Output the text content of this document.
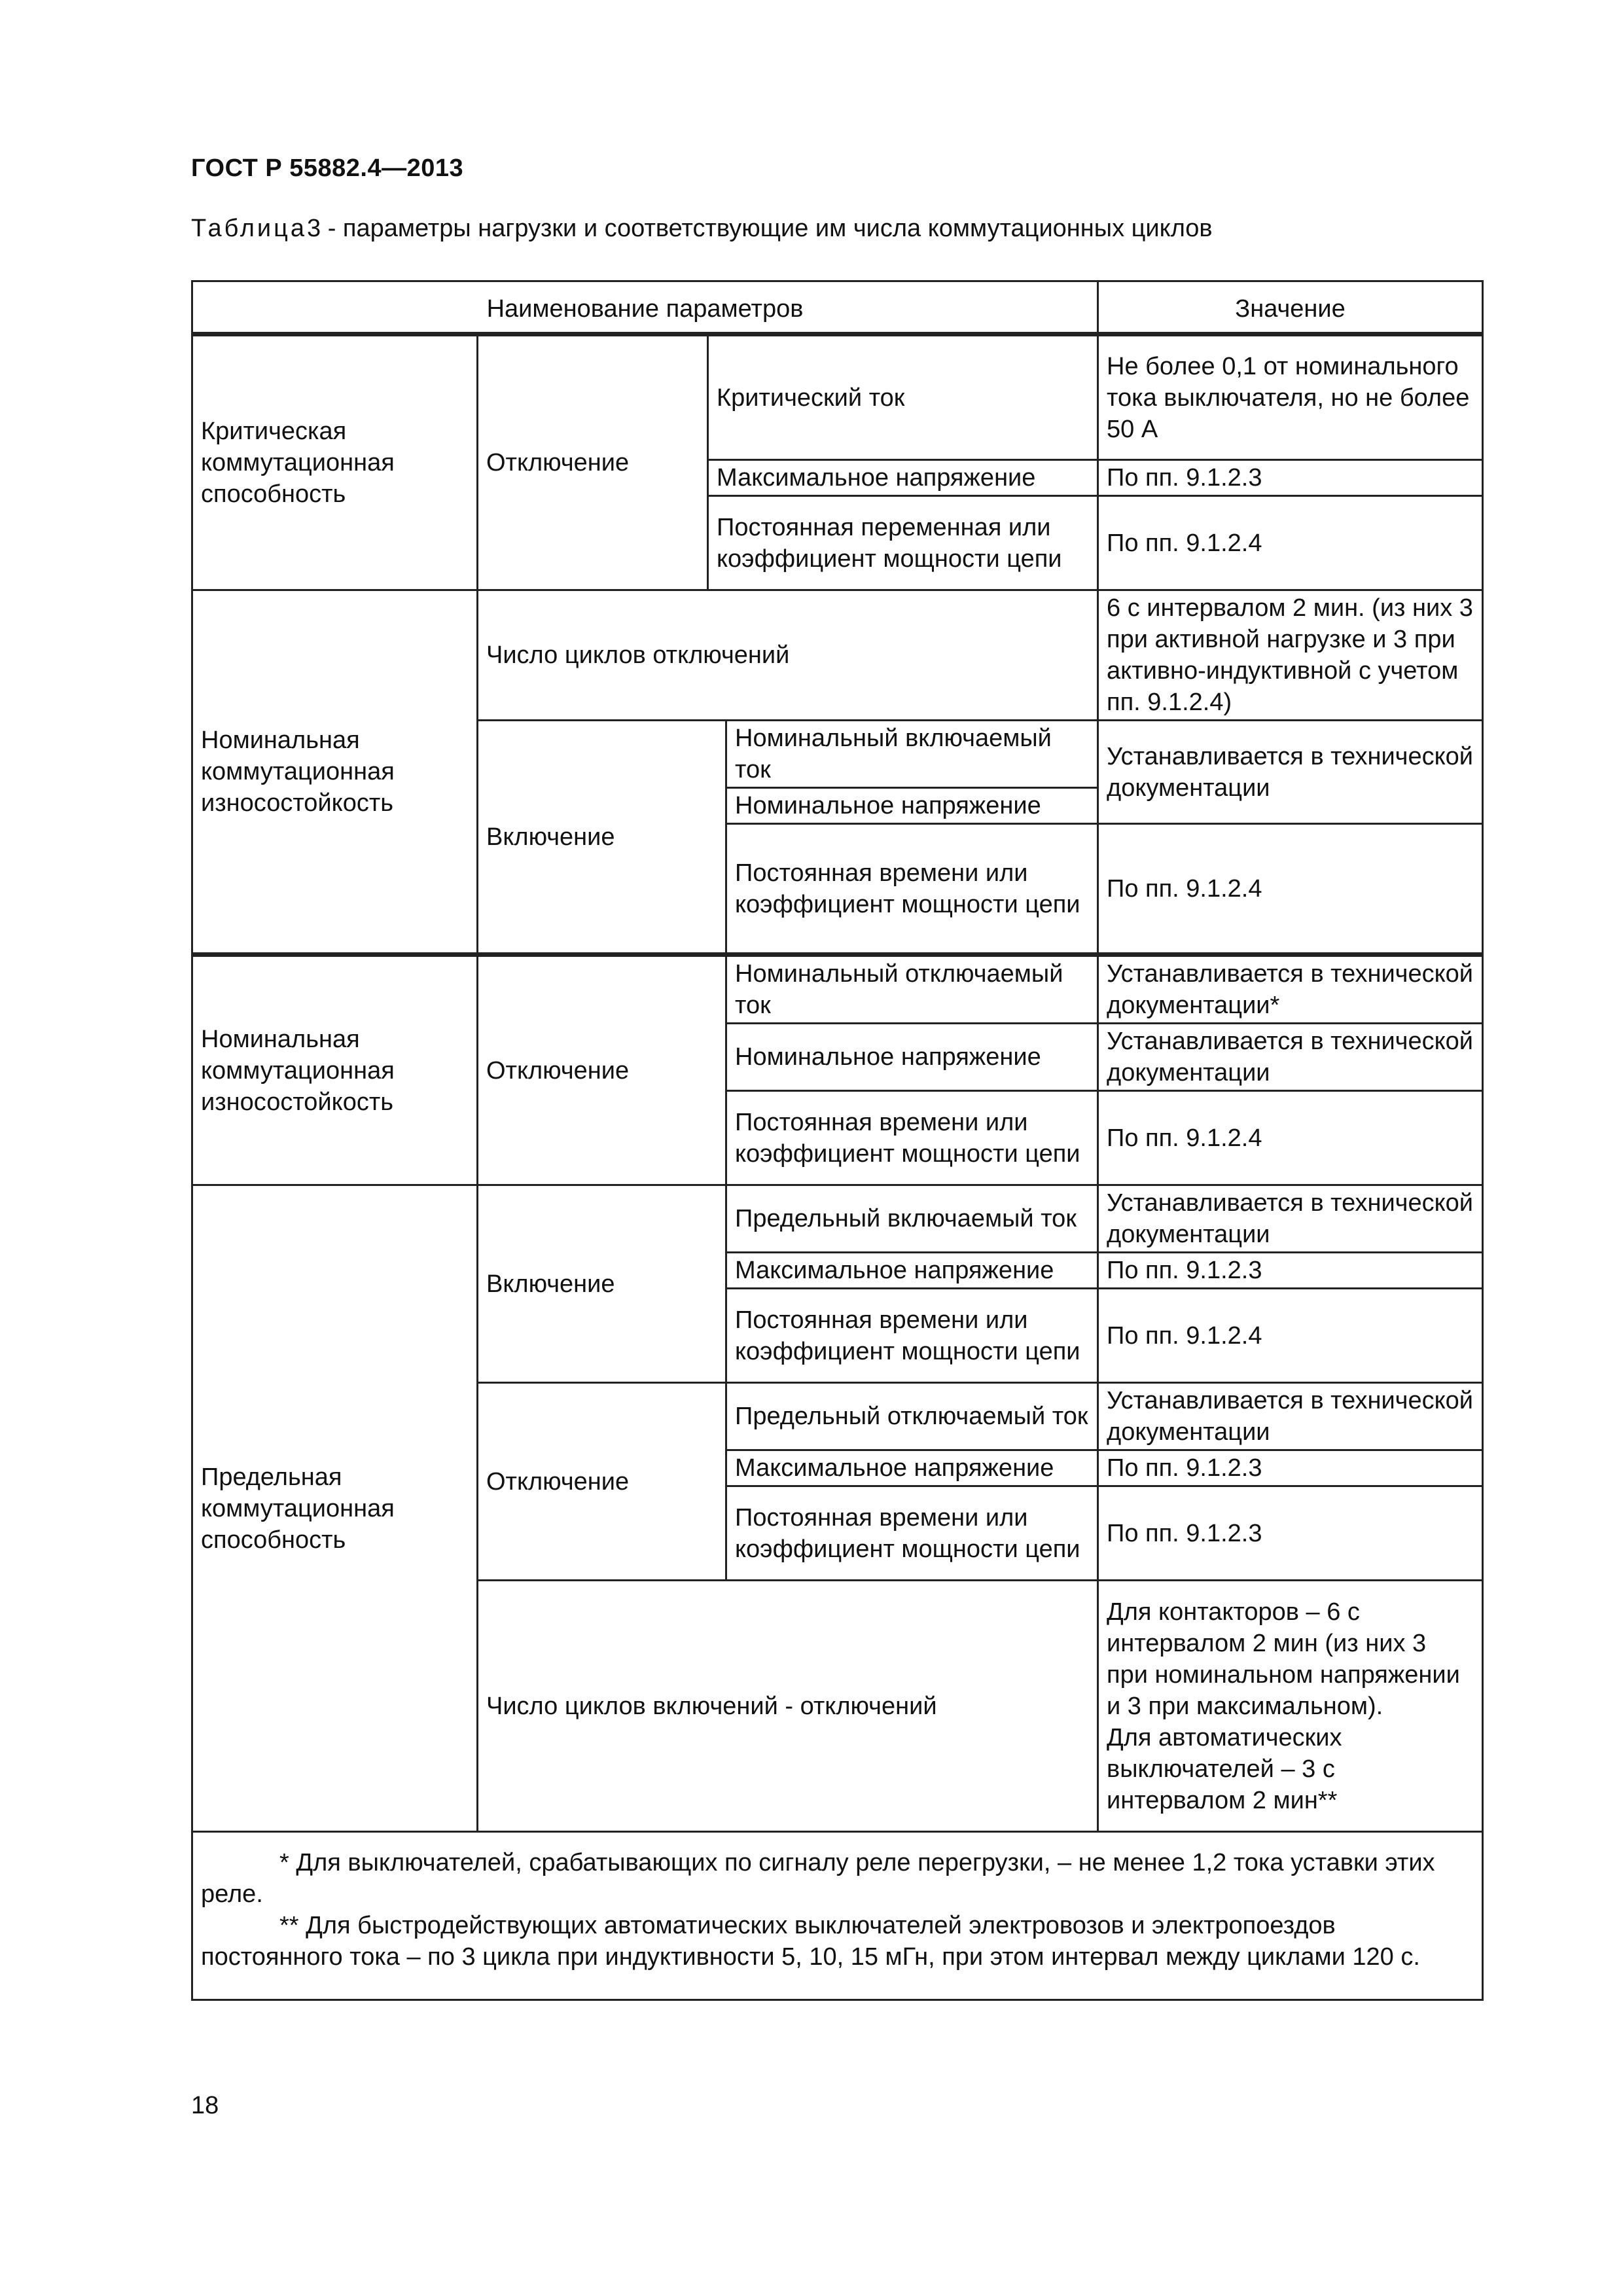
ГОСТ Р 55882.4—2013
Таблица3 - параметры нагрузки и соответствующие им числа коммутационных циклов
Наименование параметров				Значение
Критическая коммутационная способность	Отключение	Критический ток		Не более 0,1 от номинального тока выключателя, но не более 50 А
		Максимальное напряжение		По пп. 9.1.2.3
		Постоянная переменная или коэффициент мощности цепи		По пп. 9.1.2.4
Номинальная коммутационная износостойкость	Число циклов отключений			6 с интервалом 2 мин. (из них 3 при активной нагрузке и 3 при активно-индуктивной с учетом пп. 9.1.2.4)
	Включение		Номинальный включаемый ток	Устанавливается в технической документации
			Номинальное напряжение	
			Постоянная времени или коэффициент мощности цепи	По пп. 9.1.2.4
Номинальная коммутационная износостойкость	Отключение		Номинальный отключаемый ток	Устанавливается в технической документации*
			Номинальное напряжение	Устанавливается в технической документации
			Постоянная времени или коэффициент мощности цепи	По пп. 9.1.2.4
Предельная коммутационная способность	Включение		Предельный включаемый ток	Устанавливается в технической документации
			Максимальное напряжение	По пп. 9.1.2.3
			Постоянная времени или коэффициент мощности цепи	По пп. 9.1.2.4
	Отключение		Предельный отключаемый ток	Устанавливается в технической документации
			Максимальное напряжение	По пп. 9.1.2.3
			Постоянная времени или коэффициент мощности цепи	По пп. 9.1.2.3
	Число циклов включений - отключений			Для контакторов – 6 с интервалом 2 мин (из них 3 при номинальном напряжении и 3 при максимальном).
Для автоматических выключателей – 3 с интервалом 2 мин**

* Для выключателей, срабатывающих по сигналу реле перегрузки, – не менее 1,2 тока уставки этих реле.
** Для быстродействующих автоматических выключателей электровозов и электропоездов постоянного тока – по 3 цикла при индуктивности 5, 10, 15 мГн, при этом интервал между циклами 120 с.				
18
